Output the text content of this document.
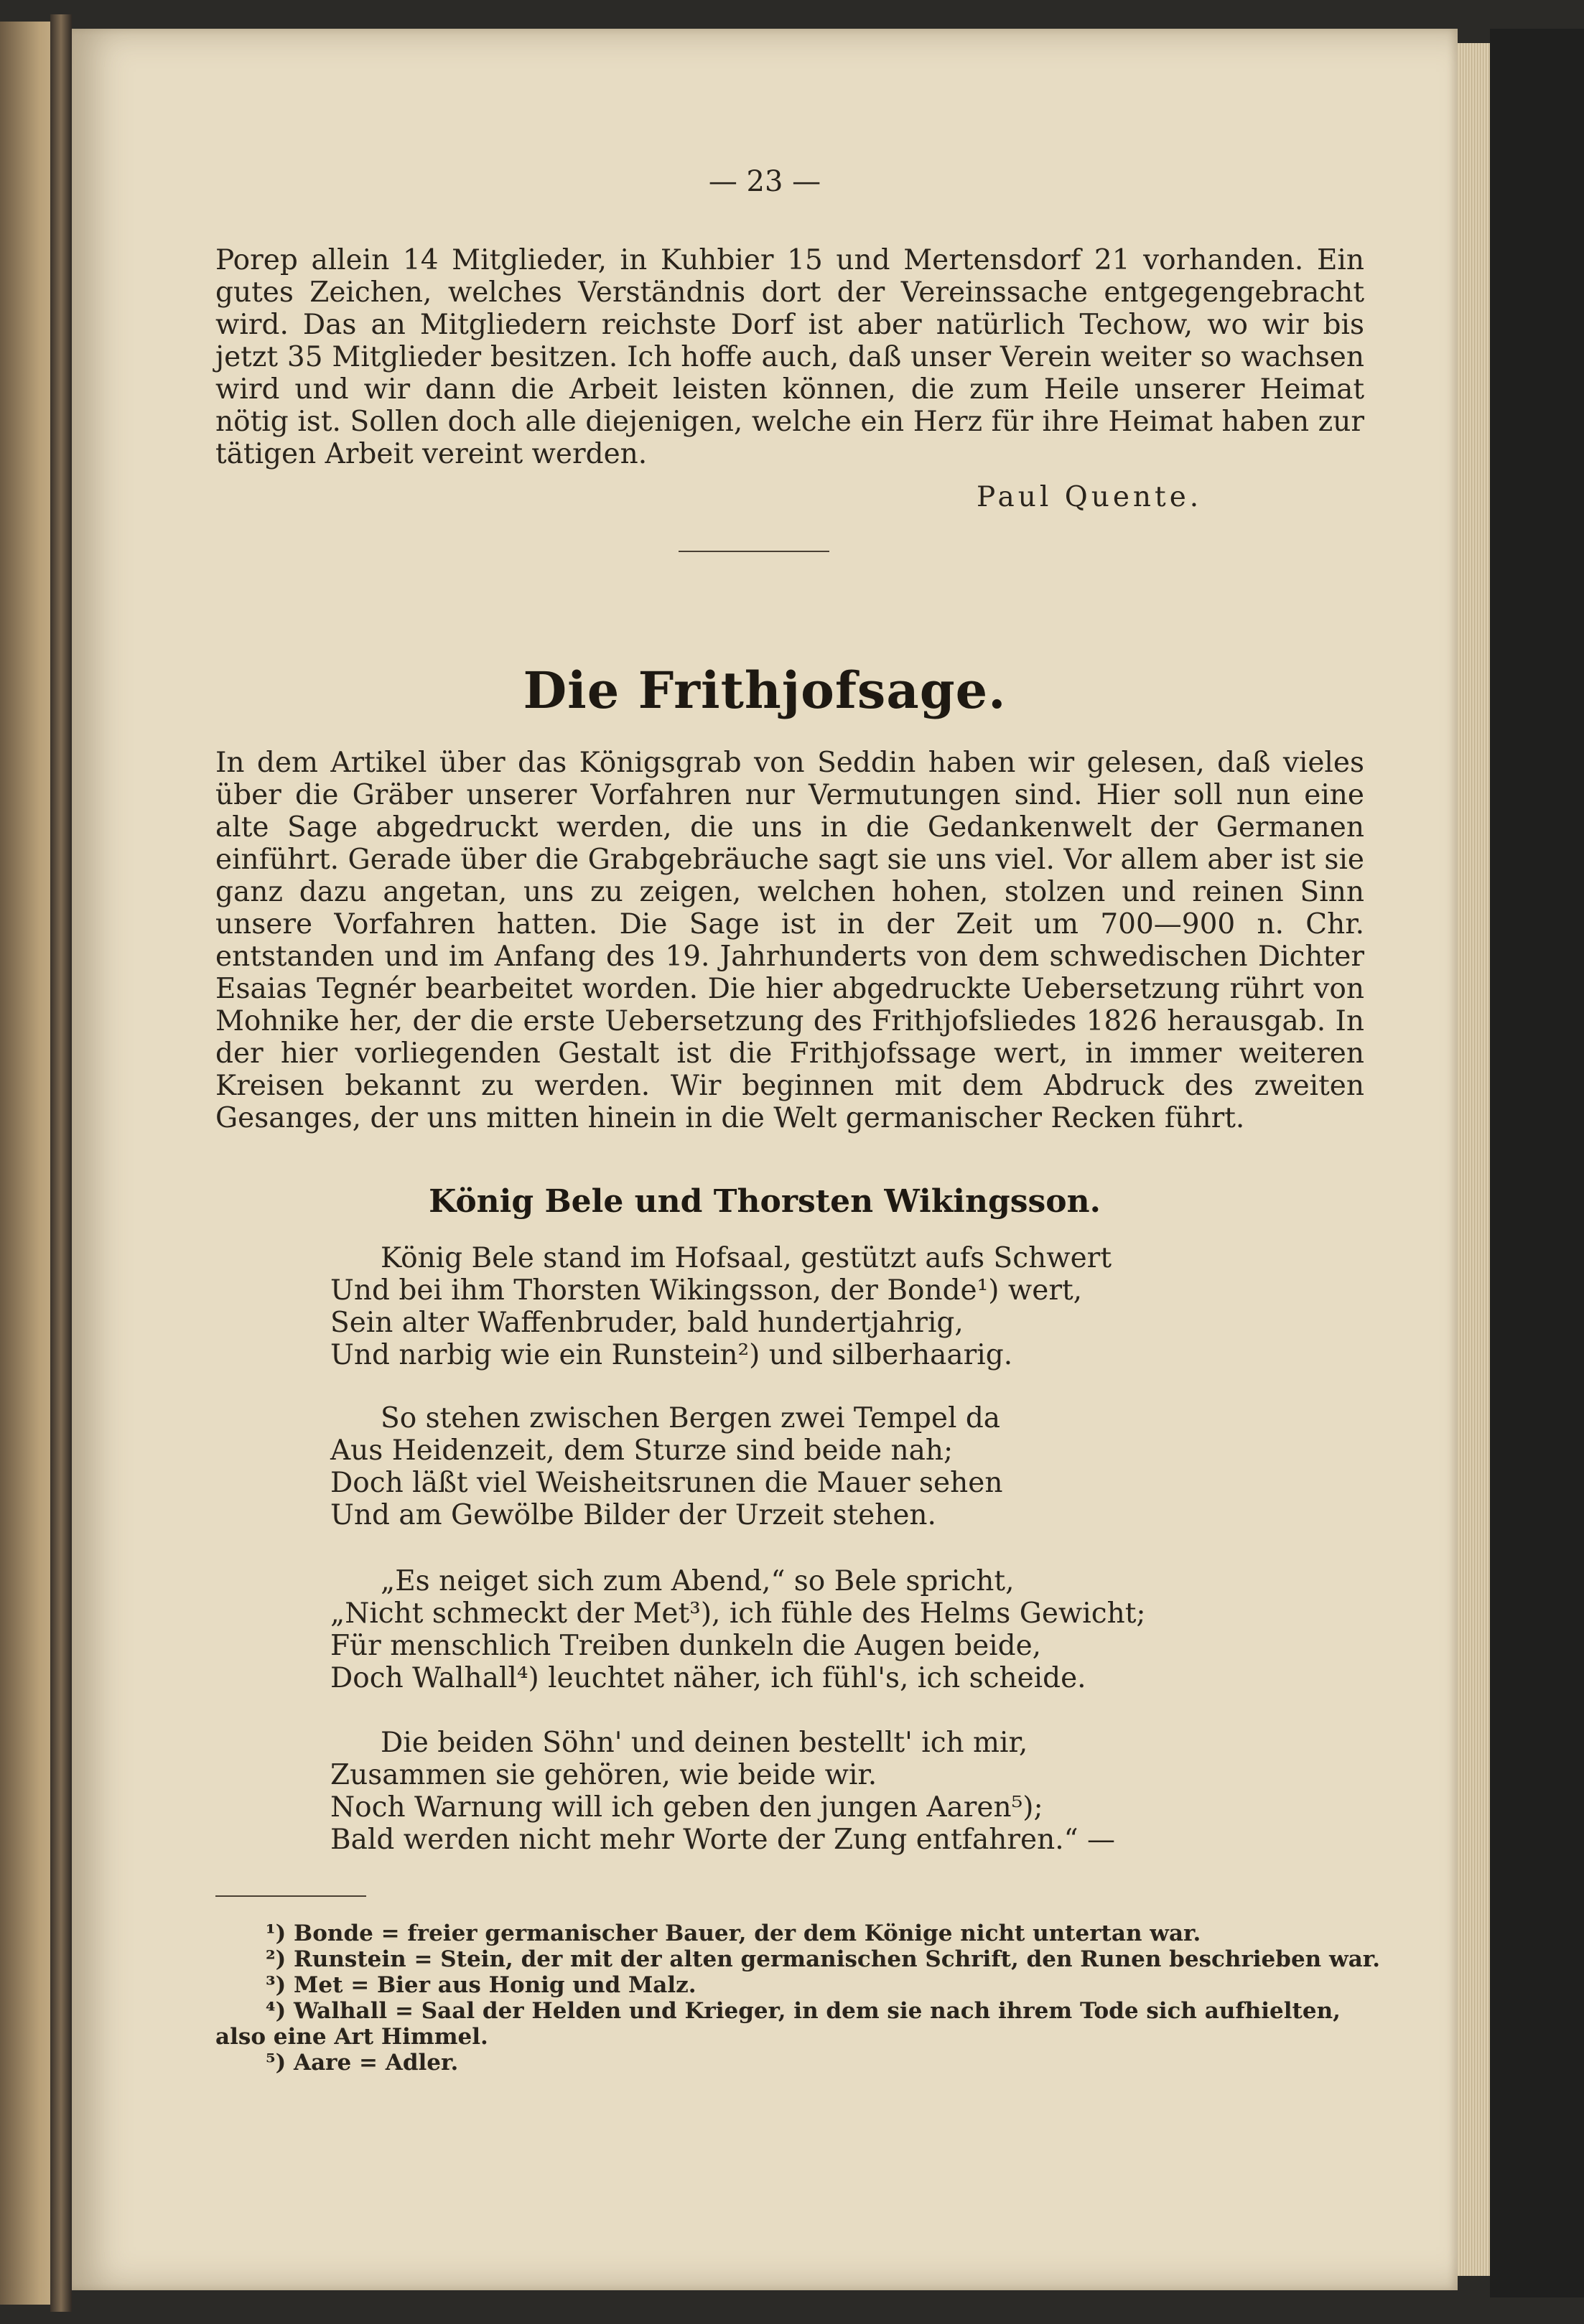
— 23 —

Porep allein 14 Mitglieder, in Kuhbier 15 und Mertensdorf 21 vorhanden. Ein gutes Zeichen, welches Verständnis dort der Vereinssache entgegengebracht wird. Das an Mitgliedern reichste Dorf ist aber natürlich Techow, wo wir bis jetzt 35 Mitglieder besitzen. Ich hoffe auch, daß unser Verein weiter so wachsen wird und wir dann die Arbeit leisten können, die zum Heile unserer Heimat nötig ist. Sollen doch alle diejenigen, welche ein Herz für ihre Heimat haben zur tätigen Arbeit vereint werden.

Paul Quente.
Die Frithjofsage.

In dem Artikel über das Königsgrab von Seddin haben wir gelesen, daß vieles über die Gräber unserer Vorfahren nur Vermutungen sind. Hier soll nun eine alte Sage abgedruckt werden, die uns in die Gedankenwelt der Germanen einführt. Gerade über die Grabgebräuche sagt sie uns viel. Vor allem aber ist sie ganz dazu angetan, uns zu zeigen, welchen hohen, stolzen und reinen Sinn unsere Vorfahren hatten. Die Sage ist in der Zeit um 700—900 n. Chr. entstanden und im Anfang des 19. Jahrhunderts von dem schwedischen Dichter Esaias Tegnér bearbeitet worden. Die hier abgedruckte Uebersetzung rührt von Mohnike her, der die erste Uebersetzung des Frithjofsliedes 1826 herausgab. In der hier vorliegenden Gestalt ist die Frithjofssage wert, in immer weiteren Kreisen bekannt zu werden. Wir beginnen mit dem Abdruck des zweiten Gesanges, der uns mitten hinein in die Welt germanischer Recken führt.

König Bele und Thorsten Wikingsson.
König Bele stand im Hofsaal, gestützt aufs Schwert
Und bei ihm Thorsten Wikingsson, der Bonde¹) wert,
Sein alter Waffenbruder, bald hundertjahrig,
Und narbig wie ein Runstein²) und silberhaarig.
So stehen zwischen Bergen zwei Tempel da
Aus Heidenzeit, dem Sturze sind beide nah;
Doch läßt viel Weisheitsrunen die Mauer sehen
Und am Gewölbe Bilder der Urzeit stehen.
„Es neiget sich zum Abend,“ so Bele spricht,
„Nicht schmeckt der Met³), ich fühle des Helms Gewicht;
Für menschlich Treiben dunkeln die Augen beide,
Doch Walhall⁴) leuchtet näher, ich fühl's, ich scheide.
Die beiden Söhn' und deinen bestellt' ich mir,
Zusammen sie gehören, wie beide wir.
Noch Warnung will ich geben den jungen Aaren⁵);
Bald werden nicht mehr Worte der Zung entfahren.“ —
¹) Bonde = freier germanischer Bauer, der dem Könige nicht untertan war.
²) Runstein = Stein, der mit der alten germanischen Schrift, den Runen beschrieben war.
³) Met = Bier aus Honig und Malz.
⁴) Walhall = Saal der Helden und Krieger, in dem sie nach ihrem Tode sich aufhielten,
also eine Art Himmel.
⁵) Aare = Adler.
